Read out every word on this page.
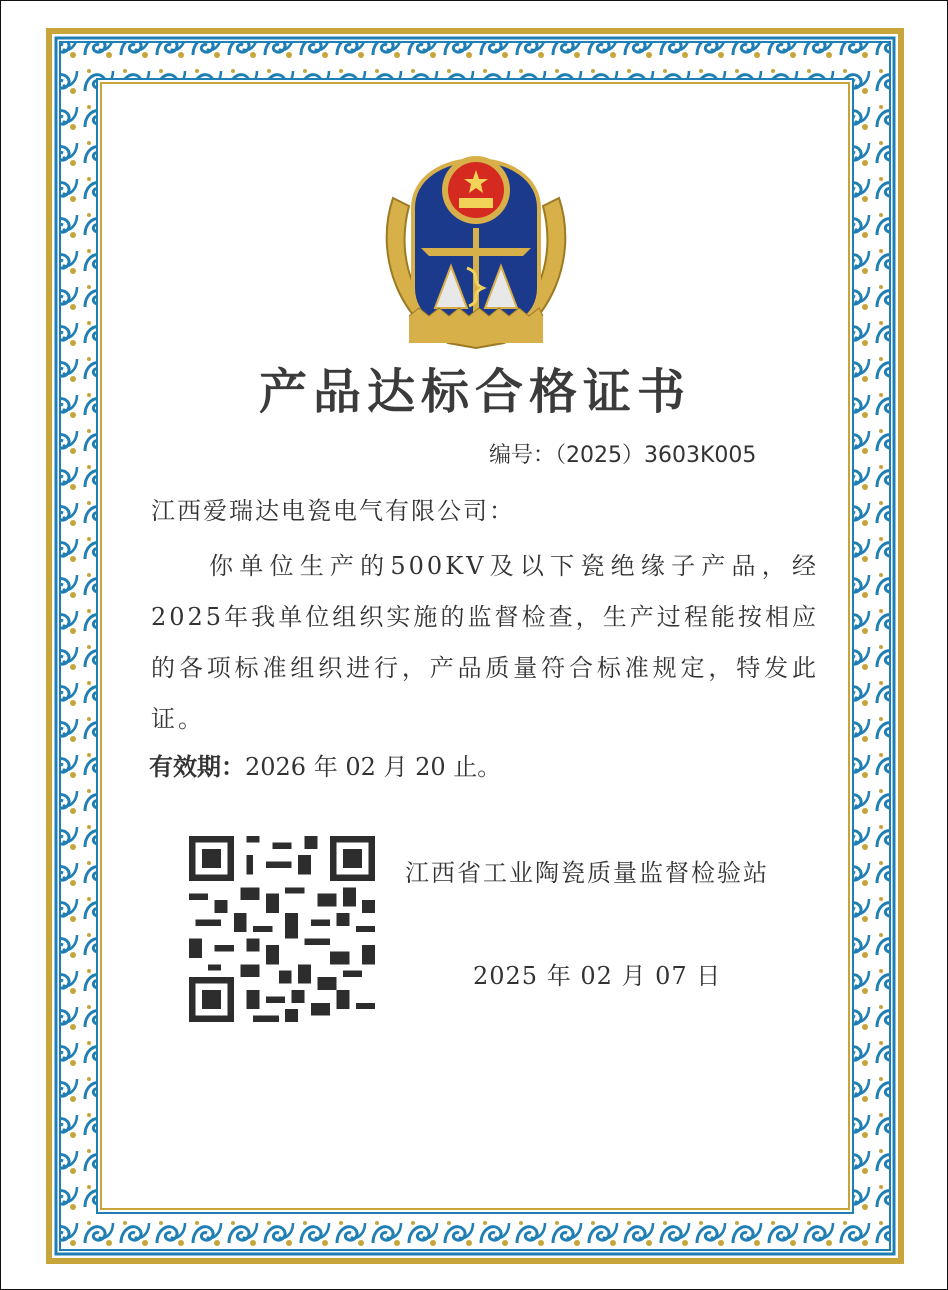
产品达标合格证书
编号：（2025）3603K005
江西爱瑞达电瓷电气有限公司：
你单位生产的500KV及以下瓷绝缘子产品，经2025年我单位组织实施的监督检查，生产过程能按相应的各项标准组织进行，产品质量符合标准规定，特发此证。
有效期：2026 年 02 月 20 止。
江西省工业陶瓷质量监督检验站
2025 年 02 月 07 日
